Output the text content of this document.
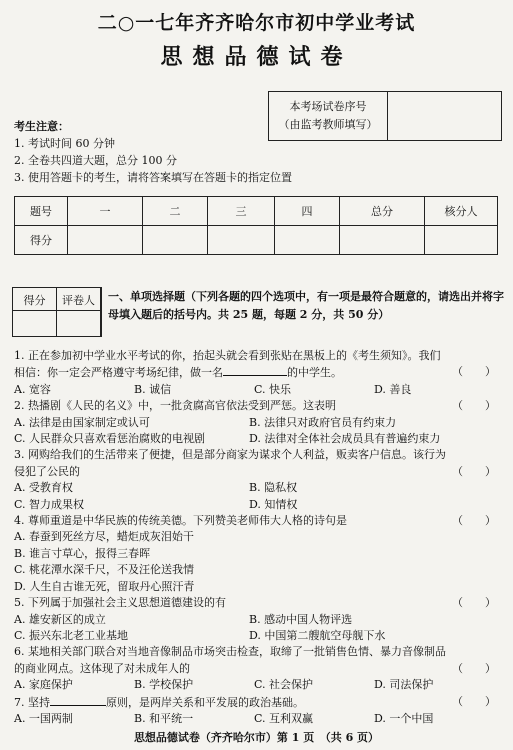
二○一七年齐齐哈尔市初中学业考试
思想品德试卷
本考场试卷序号
（由监考教师填写）
考生注意：
1. 考试时间 60 分钟
2. 全卷共四道大题，总分 100 分
3. 使用答题卡的考生，请将答案填写在答题卡的指定位置
题号	一	二	三	四	总分	核分人
得分						
得分	评卷人	一、单项选择题（下列各题的四个选项中，有一项是最符合题意的，请选出并将字母填入题后的括号内。共 25 题，每题 2 分，共 50 分）
1. 正在参加初中学业水平考试的你，抬起头就会看到张贴在黑板上的《考生须知》。我们
相信：你一定会严格遵守考场纪律，做一名	的中学生。	（　　）
A. 宽容	B. 诚信	C. 快乐	D. 善良
2. 热播剧《人民的名义》中，一批贪腐高官依法受到严惩。这表明	（　　）
A. 法律是由国家制定或认可	B. 法律只对政府官员有约束力
C. 人民群众只喜欢看惩治腐败的电视剧	D. 法律对全体社会成员具有普遍约束力
3. 网购给我们的生活带来了便捷，但是部分商家为谋求个人利益，贩卖客户信息。该行为
侵犯了公民的	（　　）
A. 受教育权	B. 隐私权
C. 智力成果权	D. 知情权
4. 尊师重道是中华民族的传统美德。下列赞美老师伟大人格的诗句是	（　　）
A. 春蚕到死丝方尽，蜡炬成灰泪始干
B. 谁言寸草心，报得三春晖
C. 桃花潭水深千尺，不及汪伦送我情
D. 人生自古谁无死，留取丹心照汗青
5. 下列属于加强社会主义思想道德建设的有	（　　）
A. 雄安新区的成立	B. 感动中国人物评选
C. 振兴东北老工业基地	D. 中国第二艘航空母舰下水
6. 某地相关部门联合对当地音像制品市场突击检查，取缔了一批销售色情、暴力音像制品
的商业网点。这体现了对未成年人的	（　　）
A. 家庭保护	B. 学校保护	C. 社会保护	D. 司法保护
7. 坚持	原则，是两岸关系和平发展的政治基础。	（　　）
A. 一国两制	B. 和平统一	C. 互利双赢	D. 一个中国
思想品德试卷（齐齐哈尔市）第 1 页　（共 6 页）
